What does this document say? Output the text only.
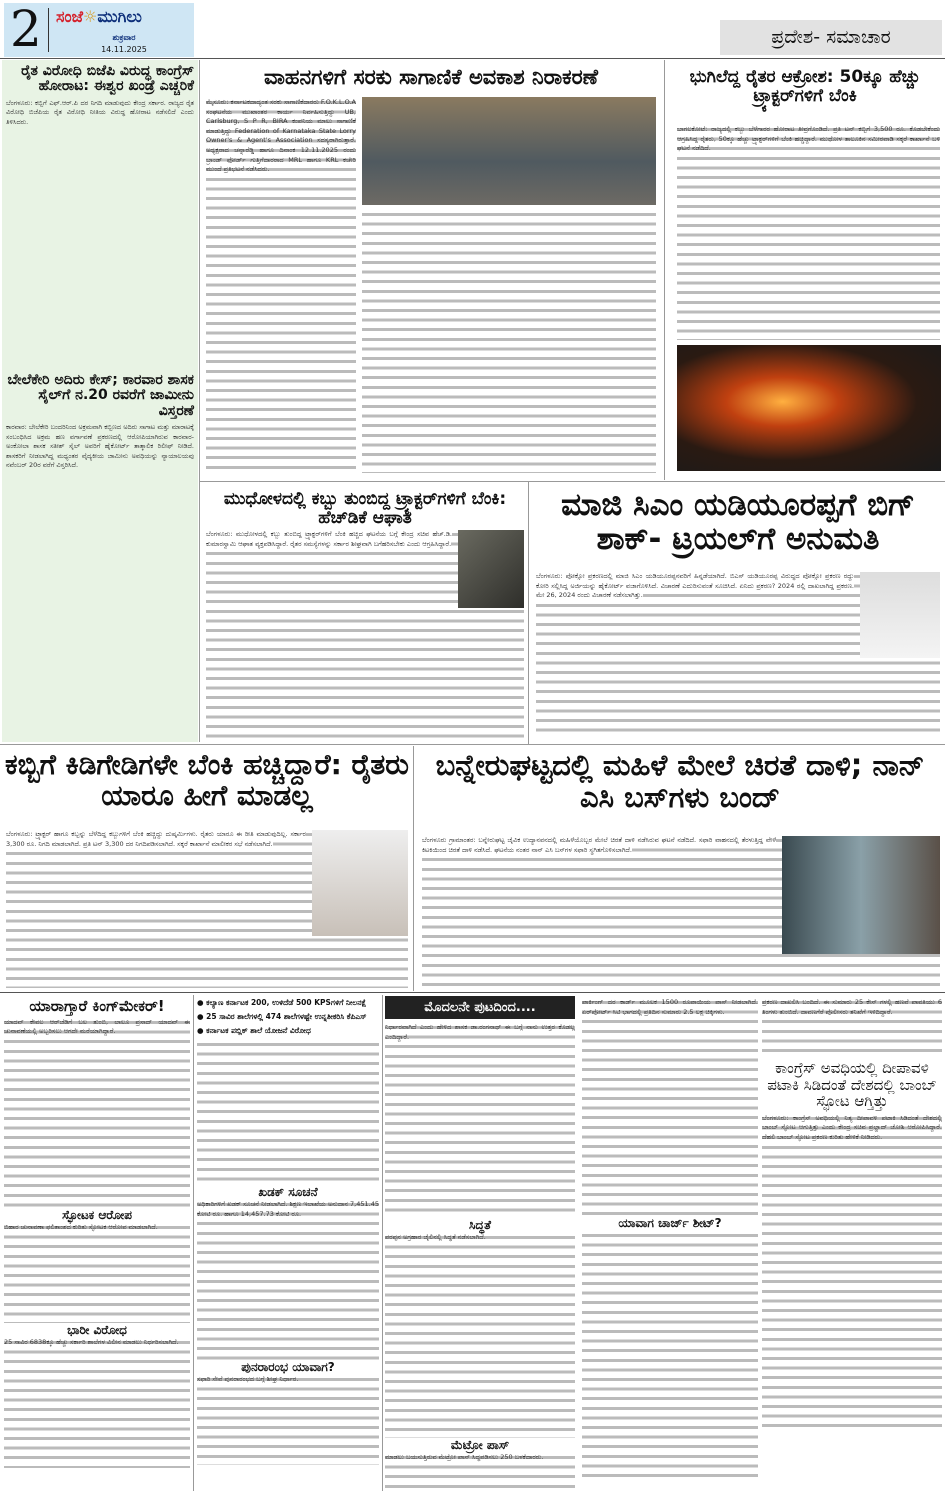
2 ಸಂಜೆ☼ಮುಗಿಲು
ಶುಕ್ರವಾರ
14.11.2025
ಪ್ರದೇಶ- ಸಮಾಚಾರ
ರೈತ ವಿರೋಧಿ ಬಿಜೆಪಿ ವಿರುದ್ಧ ಕಾಂಗ್ರೆಸ್ ಹೋರಾಟ: ಈಶ್ವರ ಖಂಡ್ರೆ ಎಚ್ಚರಿಕೆ
ಬೆಂಗಳೂರು: ಕಬ್ಬಿಗೆ ಎಫ್.ಆರ್.ಪಿ ದರ ನಿಗದಿ ಮಾಡುವುದು ಕೇಂದ್ರ ಸರ್ಕಾರ. ರಾಜ್ಯದ ರೈತ ವಿರೋಧಿ ಬಿಜೆಪಿಯ ರೈತ ವಿರೋಧಿ ನೀತಿಯ ವಿರುದ್ಧ ಹೋರಾಟ ನಡೆಸಲಿದೆ ಎಂದು ತಿಳಿಸಿದರು.
ಬೇಲೆಕೇರಿ ಅದಿರು ಕೇಸ್; ಕಾರವಾರ ಶಾಸಕ ಸೈಲ್‌ಗೆ ನ.20 ರವರೆಗೆ ಜಾಮೀನು ವಿಸ್ತರಣೆ
ಕಾರವಾರ: ಬೇಲೆಕೇರಿ ಬಂದರಿನಿಂದ ಅಕ್ರಮವಾಗಿ ಕಬ್ಬಿಣದ ಅದಿರು ಸಾಗಾಟ ಮತ್ತು ಮಾರಾಟಕ್ಕೆ ಸಂಬಂಧಿಸಿದ ಅಕ್ರಮ ಹಣ ವರ್ಗಾವಣೆ ಪ್ರಕರಣದಲ್ಲಿ ಆರೋಪಿಯಾಗಿರುವ ಕಾರವಾರ-ಅಂಕೋಲಾ ಶಾಸಕ ಸತೀಶ್ ಸೈಲ್ ಅವರಿಗೆ ಹೈಕೋರ್ಟ್ ತಾತ್ಕಾಲಿಕ ರಿಲೀಫ್ ನೀಡಿದೆ. ಶಾಸಕರಿಗೆ ನೀಡಲಾಗಿದ್ದ ಮಧ್ಯಂತರ ವೈದ್ಯಕೀಯ ಜಾಮೀನು ಅವಧಿಯನ್ನು ನ್ಯಾಯಾಲಯವು ನವೆಂಬರ್ 20ರ ವರೆಗೆ ವಿಸ್ತರಿಸಿದೆ.
ವಾಹನಗಳಿಗೆ ಸರಕು ಸಾಗಾಣಿಕೆ ಅವಕಾಶ ನಿರಾಕರಣೆ
ಮೈಸೂರು: ಕರ್ನಾಟಕದಾದ್ಯಂತ ಸರಕು ಸಾಗಾಣಿಕೆದಾರರು F.O.K.L.O.A ಸಂಘಟನೆಯ ಮುಖಾಂತರ ಕಾರ್ಯ ನಿರ್ವಹಿಸುತ್ತಿದ್ದು UB, Carlsburg, S P R, BIRA ಕಂಪನಿಯ ಮಾಲು ಸಾಗಾಣಿಕೆ ಮಾಡುತ್ತಿದ್ದು Federation of Karnataka State Lorry Owner's & Agent's Association ಸದಸ್ಯರಾಗಿರುತ್ತಾರೆ. ಅಧ್ಯಕ್ಷರಾದ ಚನ್ನಾರೆಡ್ಡಿ ಹಾಗೂ ದಿನಾಂಕ 12.11.2025 ರಂದು ಬ್ರಾಂಡ್ ಫೋರ್ಡ್ ಗುತ್ತಿಗೆದಾರರಾದ MRL ಹಾಗೂ KRL ಕಚೇರಿ ಮುಂದೆ ಪ್ರತಿಭಟನೆ ನಡೆಸಿದರು.
ಭುಗಿಲೆದ್ದ ರೈತರ ಆಕ್ರೋಶ: 50ಕ್ಕೂ ಹೆಚ್ಚು ಟ್ರ್ಯಾಕ್ಟರ್‌ಗಳಿಗೆ ಬೆಂಕಿ
ಬಾಗಲಕೋಟೆ: ರಾಜ್ಯದಲ್ಲಿ ಕಬ್ಬು ಬೆಳೆಗಾರರ ಹೋರಾಟ ತೀವ್ರಗೊಂಡಿದೆ. ಪ್ರತಿ ಟನ್ ಕಬ್ಬಿಗೆ 3,500 ರೂ. ಕೊಡಬೇಕೆಂದು ಆಗ್ರಹಿಸಿದ್ದ ರೈತರು, 50ಕ್ಕೂ ಹೆಚ್ಚು ಟ್ರ್ಯಾಕ್ಟರ್‌ಗಳಿಗೆ ಬೆಂಕಿ ಹಚ್ಚಿದ್ದಾರೆ. ಮುಧೋಳ ತಾಲೂಕಿನ ಸಮೀರವಾಡಿ ಸಕ್ಕರೆ ಕಾರ್ಖಾನೆ ಬಳಿ ಘಟನೆ ನಡೆದಿದೆ.
ಮುಧೋಳದಲ್ಲಿ ಕಬ್ಬು ತುಂಬಿದ್ದ ಟ್ರ್ಯಾಕ್ಟರ್‌ಗಳಿಗೆ ಬೆಂಕಿ: ಹೆಚ್‌ಡಿಕೆ ಆಘಾತ
ಬೆಂಗಳೂರು: ಮುಧೋಳದಲ್ಲಿ ಕಬ್ಬು ತುಂಬಿದ್ದ ಟ್ರ್ಯಾಕ್ಟರ್‌ಗಳಿಗೆ ಬೆಂಕಿ ಹಚ್ಚಿದ ಘಟನೆಯ ಬಗ್ಗೆ ಕೇಂದ್ರ ಸಚಿವ ಹೆಚ್.ಡಿ. ಕುಮಾರಸ್ವಾಮಿ ಆಘಾತ ವ್ಯಕ್ತಪಡಿಸಿದ್ದಾರೆ. ರೈತರ ಸಮಸ್ಯೆಗಳನ್ನು ಸರ್ಕಾರ ಶೀಘ್ರವಾಗಿ ಬಗೆಹರಿಸಬೇಕು ಎಂದು ಆಗ್ರಹಿಸಿದ್ದಾರೆ.
ಮಾಜಿ ಸಿಎಂ ಯಡಿಯೂರಪ್ಪಗೆ ಬಿಗ್ ಶಾಕ್- ಟ್ರಯಲ್‌ಗೆ ಅನುಮತಿ
ಬೆಂಗಳೂರು: ಪೋಕ್ಸೋ ಪ್ರಕರಣದಲ್ಲಿ ಮಾಜಿ ಸಿಎಂ ಯಡಿಯೂರಪ್ಪನವರಿಗೆ ಹಿನ್ನಡೆಯಾಗಿದೆ. ಬಿಎಸ್ ಯಡಿಯೂರಪ್ಪ ವಿರುದ್ಧದ ಪೋಕ್ಸೋ ಪ್ರಕರಣ ರದ್ದು ಕೋರಿ ಸಲ್ಲಿಸಿದ್ದ ಅರ್ಜಿಯನ್ನು ಹೈಕೋರ್ಟ್ ವಜಾಗೊಳಿಸಿದೆ. ವಿಚಾರಣೆ ಎದುರಿಸುವಂತೆ ಸೂಚಿಸಿದೆ. ಏನಿದು ಪ್ರಕರಣ? 2024 ರಲ್ಲಿ ದಾಖಲಾಗಿದ್ದ ಪ್ರಕರಣ. ಮೇ 26, 2024 ರಂದು ವಿಚಾರಣೆ ನಡೆಸಲಾಗಿತ್ತು.
ಕಬ್ಬಿಗೆ ಕಿಡಿಗೇಡಿಗಳೇ ಬೆಂಕಿ ಹಚ್ಚಿದ್ದಾರೆ: ರೈತರು ಯಾರೂ ಹೀಗೆ ಮಾಡಲ್ಲ
ಬೆಂಗಳೂರು: ಟ್ರ್ಯಾಕ್ಟರ್ ಹಾಗೂ ಕಬ್ಬನ್ನು ಬೆಳೆದಿದ್ದ ಕಬ್ಬುಗಳಿಗೆ ಬೆಂಕಿ ಹಚ್ಚಿದ್ದು ದುಷ್ಕರ್ಮಿಗಳು. ರೈತರು ಯಾರೂ ಈ ರೀತಿ ಮಾಡುವುದಿಲ್ಲ. ಸರ್ಕಾರ 3,300 ರೂ. ನಿಗದಿ ಮಾಡಲಾಗಿದೆ. ಪ್ರತಿ ಟನ್ 3,300 ದರ ನಿಗದಿಪಡಿಸಲಾಗಿದೆ. ಸಕ್ಕರೆ ಕಾರ್ಖಾನೆ ಮಾಲೀಕರ ಸಭೆ ನಡೆಸಲಾಗಿದೆ.
ಬನ್ನೇರುಘಟ್ಟದಲ್ಲಿ ಮಹಿಳೆ ಮೇಲೆ ಚಿರತೆ ದಾಳಿ; ನಾನ್ ಎಸಿ ಬಸ್‌ಗಳು ಬಂದ್
ಬೆಂಗಳೂರು ಗ್ರಾಮಾಂತರ: ಬನ್ನೇರುಘಟ್ಟ ಜೈವಿಕ ಉದ್ಯಾನವನದಲ್ಲಿ ಮಹಿಳೆಯೊಬ್ಬರ ಮೇಲೆ ಚಿರತೆ ದಾಳಿ ನಡೆಸಿರುವ ಘಟನೆ ನಡೆದಿದೆ. ಸಫಾರಿ ವಾಹನದಲ್ಲಿ ತೆರಳುತ್ತಿದ್ದ ವೇಳೆ ಕಿಟಕಿಯಿಂದ ಚಿರತೆ ದಾಳಿ ನಡೆಸಿದೆ. ಘಟನೆಯ ನಂತರ ನಾನ್ ಎಸಿ ಬಸ್‌ಗಳ ಸಫಾರಿ ಸ್ಥಗಿತಗೊಳಿಸಲಾಗಿದೆ.
ಯಾರಾಗ್ತಾರೆ ಕಿಂಗ್‌ಮೇಕರ್!
ಯಾದವ್ ಕೇವಲ ಆರ್‌ಜೆಡಿಗೆ ಬಲ ತುಂಬಿ, ಲಾಲೂ ಪ್ರಸಾದ್ ಯಾದವ್ ಈ ಚುನಾವಣೆಯಲ್ಲಿ ಅಬ್ಬರಿಸಲು ಆಗದೇ ಮರೆಯಾಗಿದ್ದಾರೆ.
ಸ್ಫೋಟಕ ಆರೋಪ
ಬಿಹಾರ ಚುನಾವಣಾ ಫಲಿತಾಂಶದ ಕುರಿತು ಸ್ಫೋಟಕ ಆರೋಪ ಮಾಡಲಾಗಿದೆ.
ಭಾರೀ ವಿರೋಧ
25 ಸಾವಿರ 6838ಕ್ಕೂ ಹೆಚ್ಚು ಸರ್ಕಾರಿ ಶಾಲೆಗಳ ವಿಲೀನ ಮಾಡಲು ನಿರ್ಧರಿಸಲಾಗಿದೆ.
● ಕಲ್ಯಾಣ ಕರ್ನಾಟಕ 200, ಉಳಿದೆಡೆ 500 KPSಗಳಿಗೆ ನೀಲನಕ್ಷೆ
● 25 ಸಾವಿರ ಶಾಲೆಗಳಲ್ಲಿ 474 ಶಾಲೆಗಳಷ್ಟೇ ಉನ್ನತೀಕರಿಸಿ ಕೆಪಿಎಸ್
● ಕರ್ನಾಟಕ ಪಬ್ಲಿಕ್ ಶಾಲೆ ಯೋಜನೆ ವಿರೋಧ
ಖಡಕ್ ಸೂಚನೆ
ಅಧಿಕಾರಿಗಳಿಗೆ ಖಡಕ್ ಸೂಚನೆ ನೀಡಲಾಗಿದೆ. ಶಿಕ್ಷಣ ಇಲಾಖೆಯ ಅನುದಾನ 7,451.45 ಕೋಟಿ ರೂ. ಹಾಗೂ 14,457.73 ಕೋಟಿ ರೂ.
ಪುನರಾರಂಭ ಯಾವಾಗ?
ಸಫಾರಿ ಸೇವೆ ಪುನರಾರಂಭದ ಬಗ್ಗೆ ಶೀಘ್ರ ನಿರ್ಧಾರ.
ಮೊದಲನೇ ಪುಟದಿಂದ....
ನಿರ್ಧಾರವಾಗಿದೆ ಎಂದು ಹೇಳಿದ ಶಾಸಕ ಡಾ.ರಂಗನಾಥ್ ಈ ಬಗ್ಗೆ ನಾನು ಉತ್ತರ ಕೊಡಲ್ಲ ಎಂದಿದ್ದಾರೆ.
ಸಿದ್ಧತೆ
ಪರಪ್ಪನ ಅಗ್ರಹಾರ ಜೈಲಿನಲ್ಲಿ ಸಿದ್ಧತೆ ನಡೆಸಲಾಗಿದೆ.
ಮೆಟ್ರೋ ಪಾಸ್
ಮಾಡಲು ಬಯಸುತ್ತಿರುವ ಮೆಟ್ರೋ ಪಾಸ್ ಸಿದ್ಧಪಡಿಸಲು 250 ಬಳಕೆದಾರರು.
ಪಾರ್ಕಿಂಗ್ ದರ ಕಾರ್ಡ್ ಮೂಲಕ 1500 ರೂಪಾಯಿಯ ಪಾಸ್ ನೀಡಲಾಗಿದೆ. ಏರ್‌ಪೋರ್ಟ್ ಸಿಟಿ ಭಾಗದಲ್ಲಿ ಪ್ರತಿದಿನ ಸುಮಾರು 2.5 ಲಕ್ಷ ಚಿಕ್ಕಿಗಳು.
ಯಾವಾಗ ಚಾರ್ಜ್ ಶೀಟ್?
ಪ್ರಕರಣ ದಾಖಲಿಸಿ ಬಂದಿದೆ. ಈ ಸುಮಾರು 25 ಕೇಸ್ ಗಳಲ್ಲಿ ಹಣವೆ ಪಾವತಿಯು 6 ತಿಂಗಳು ತುಂಬಿದೆ. ದಾವಣಗೆರೆ ಪೊಲೀಸರು ತನಿಖೆಗೆ ಇಳಿದಿದ್ದಾರೆ.
ಕಾಂಗ್ರೆಸ್ ಅವಧಿಯಲ್ಲಿ ದೀಪಾವಳಿ ಪಟಾಕಿ ಸಿಡಿದಂತೆ ದೇಶದಲ್ಲಿ ಬಾಂಬ್ ಸ್ಫೋಟ ಆಗ್ತಿತ್ತು
ಬೆಂಗಳೂರು: ಕಾಂಗ್ರೆಸ್ ಅವಧಿಯಲ್ಲಿ ನಿತ್ಯ ದೀಪಾವಳಿ ಪಟಾಕಿ ಸಿಡಿದಂತೆ ದೇಶದಲ್ಲಿ ಬಾಂಬ್ ಸ್ಫೋಟ ಆಗುತ್ತಿತ್ತು ಎಂದು ಕೇಂದ್ರ ಸಚಿವ ಪ್ರಲ್ಹಾದ್ ಜೋಶಿ ಆರೋಪಿಸಿದ್ದಾರೆ. ದೆಹಲಿ ಬಾಂಬ್ ಸ್ಫೋಟ ಪ್ರಕರಣ ಕುರಿತು ಹೇಳಿಕೆ ನೀಡಿದರು.
